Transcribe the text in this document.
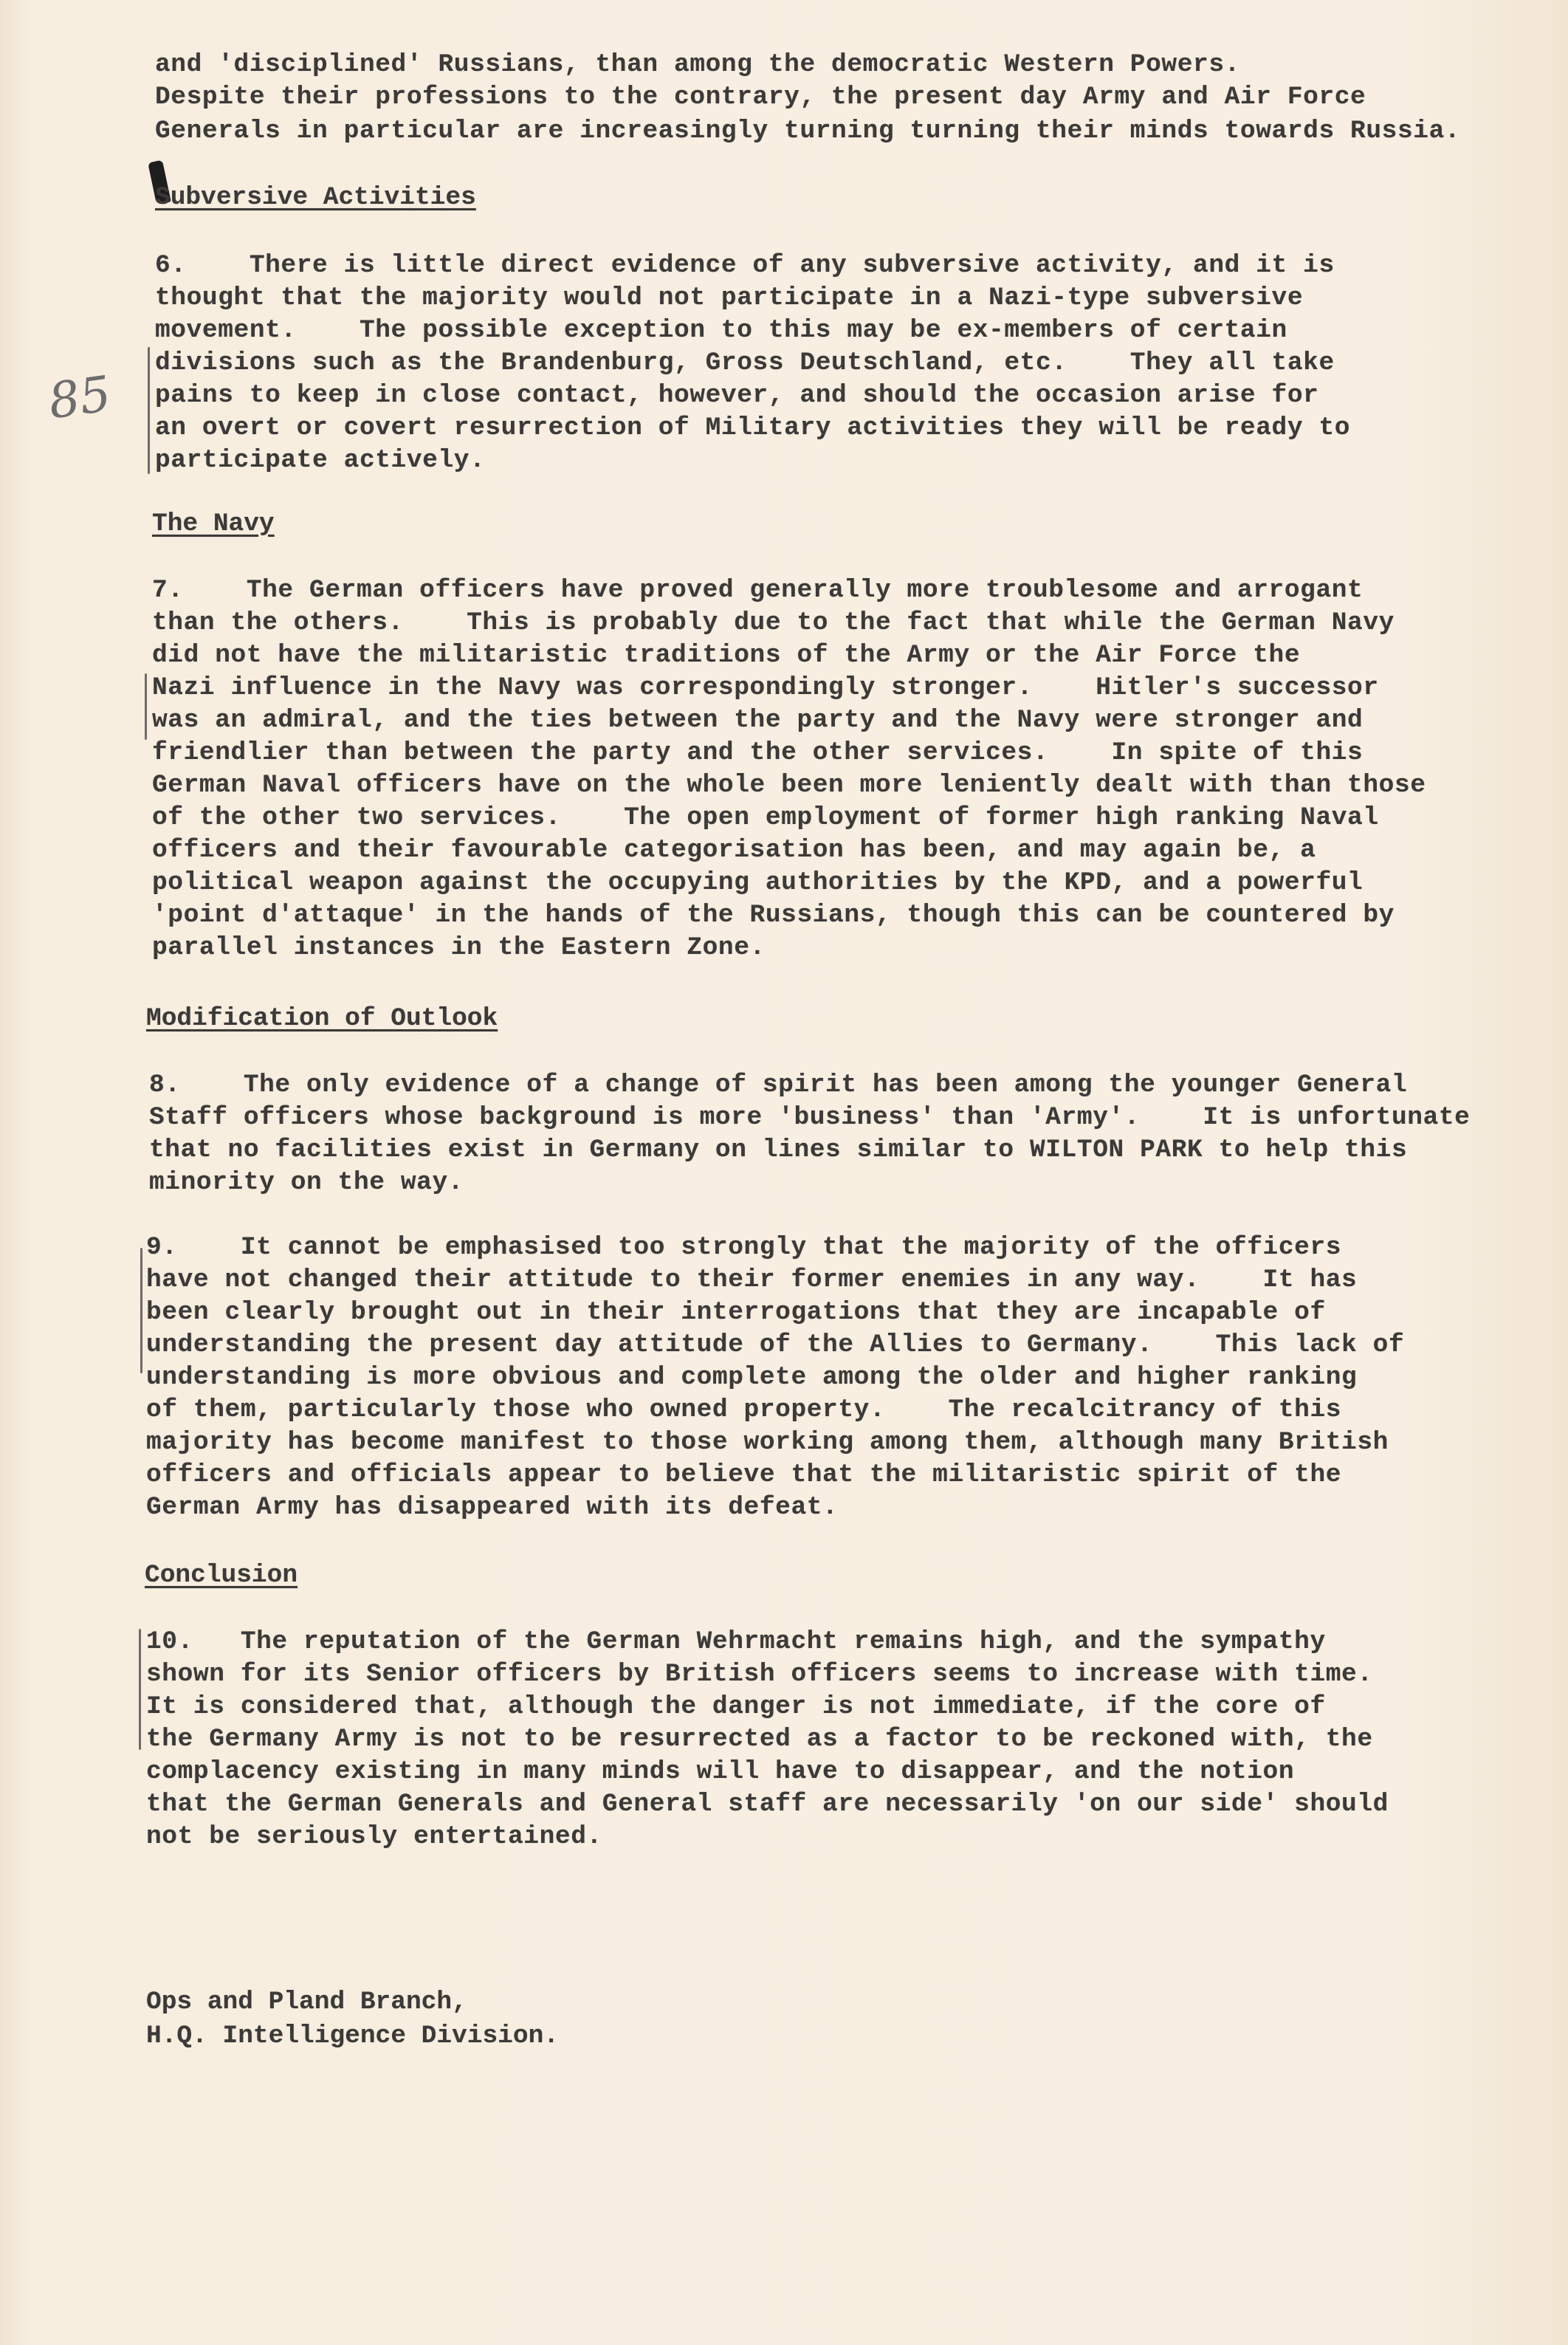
and 'disciplined' Russians, than among the democratic Western Powers.

Despite their professions to the contrary, the present day Army and Air Force

Generals in particular are increasingly turning turning their minds towards Russia.

Subversive Activities
85

6.    There is little direct evidence of any subversive activity, and it is

thought that the majority would not participate in a Nazi-type subversive

movement.    The possible exception to this may be ex-members of certain

divisions such as the Brandenburg, Gross Deutschland, etc.    They all take

pains to keep in close contact, however, and should the occasion arise for

an overt or covert resurrection of Military activities they will be ready to

participate actively.

The Navy

7.    The German officers have proved generally more troublesome and arrogant

than the others.    This is probably due to the fact that while the German Navy

did not have the militaristic traditions of the Army or the Air Force the

Nazi influence in the Navy was correspondingly stronger.    Hitler's successor

was an admiral, and the ties between the party and the Navy were stronger and

friendlier than between the party and the other services.    In spite of this

German Naval officers have on the whole been more leniently dealt with than those

of the other two services.    The open employment of former high ranking Naval

officers and their favourable categorisation has been, and may again be, a

political weapon against the occupying authorities by the KPD, and a powerful

'point d'attaque' in the hands of the Russians, though this can be countered by

parallel instances in the Eastern Zone.

Modification of Outlook

8.    The only evidence of a change of spirit has been among the younger General

Staff officers whose background is more 'business' than 'Army'.    It is unfortunate

that no facilities exist in Germany on lines similar to WILTON PARK to help this

minority on the way.

9.    It cannot be emphasised too strongly that the majority of the officers

have not changed their attitude to their former enemies in any way.    It has

been clearly brought out in their interrogations that they are incapable of

understanding the present day attitude of the Allies to Germany.    This lack of

understanding is more obvious and complete among the older and higher ranking

of them, particularly those who owned property.    The recalcitrancy of this

majority has become manifest to those working among them, although many British

officers and officials appear to believe that the militaristic spirit of the

German Army has disappeared with its defeat.

Conclusion

10.   The reputation of the German Wehrmacht remains high, and the sympathy

shown for its Senior officers by British officers seems to increase with time.

It is considered that, although the danger is not immediate, if the core of

the Germany Army is not to be resurrected as a factor to be reckoned with, the

complacency existing in many minds will have to disappear, and the notion

that the German Generals and General staff are necessarily 'on our side' should

not be seriously entertained.

Ops and Pland Branch,
H.Q. Intelligence Division.
